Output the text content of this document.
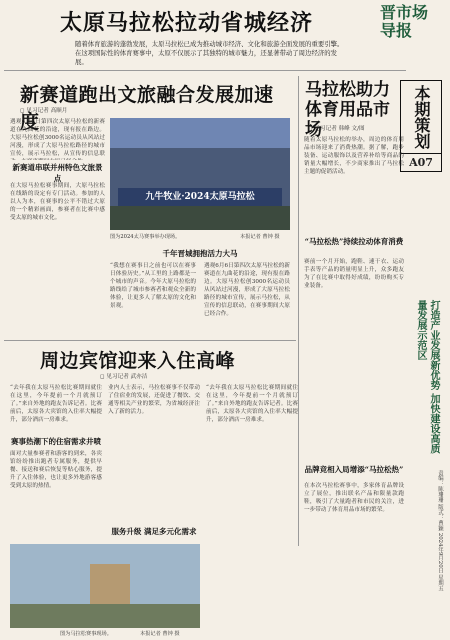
太原马拉松拉动省城经济	晋市场导报
随着体育旅游的蓬勃发展，太原马拉松已成为推动城市经济、文化和旅游全面发展的重要引擎。在这项国际性的体育赛事中，太原不仅展示了其独特的城市魅力，还显著带动了周边经济的发展。
本期策划
A07
新赛道跑出文旅融合发展加速度
◻ 见习记者 高顺月
遇观6月6日第四次太原马拉松的新赛道在九曲花的沿途，现有报在路边。大原马拉松创3000名运动员从风站过河漫，形成了大原马拉松路径的城市宣传，展示马拉松，从宣传的信息联
新赛道串联并州特色文旅景点
在大原马拉松赛事期间，大原马拉松在线路的设定有专门活动。参加的人以人为本，在赛事的公平不错过大原的一个精彩画面，参赛者在比赛中感受太原的城市文化。
九牛牧业·2024太原马拉松
图为2024太马赛事举办现场。	本报记者 曹钟 摄
千年晋城拥抱活力大马
“我想在赛事日之前也可以在赛事日体验历史。”从工里的上路都是一个城市的声音。今年大原马拉松的路线给了城市参赛者和观众全新的体验，让更多人了解太原的文化和景观。
遇观6月6日第四次太原马拉松的新赛道在九曲花的沿途，现有报在路边。大原马拉松创3000名运动员从风站过河漫，形成了大原马拉松路径的城市宣传，展示马拉松，从宣传的信息联动，在赛事期间大原已经合作。
马拉松助力体育用品市场
◻ 见习记者 韩峰 文/图
随着太原马拉松的举办，周边的体育用品市场迎来了消费热潮。据了解，跑步装备、运动服饰以及营养补给等商品的销量大幅增长，不少商家推出了马拉松主题的促销活动。
“马拉松热”持续拉动体育消费
赛前一个月开始，跑鞋、速干衣、运动手表等产品的销量明显上升，众多跑友为了在比赛中取得好成绩，纷纷购买专业装备。
品牌竞相入局增添“马拉松热”
在本次马拉松赛事中，多家体育品牌设立了展位，推出联名产品和限量款跑鞋，吸引了大量跑者和市民的关注，进一步带动了体育用品市场的繁荣。
打造产业发展新优势 加快建设高质量发展示范区
责编：陈珊珊 版式：曹颖 2024年9月20日 星期五
周边宾馆迎来入住高峰
◻ 见习记者 武亦洁
“去年我在太原马拉松比赛期间就住在这里，今年提前一个月就预订了。”来自外地的跑友告诉记者。比赛前后，太原各大宾馆的入住率大幅提升，部分酒店一房难求。
赛事热潮下的住宿需求井喷
面对大量参赛者和游客的到来，各宾馆纷纷推出跑者专属服务，提供早餐、接送和赛后恢复等贴心服务，提升了入住体验，也让更多外地游客感受到太原的热情。
业内人士表示，马拉松赛事不仅带动了住宿业的发展，还促进了餐饮、交通等相关产业的繁荣，为省城经济注入了新的活力。
服务升级 满足多元化需求
“去年我在太原马拉松比赛期间就住在这里，今年提前一个月就预订了。”来自外地的跑友告诉记者。比赛前后，太原各大宾馆的入住率大幅提升，部分酒店一房难求。
图为马拉松赛事现场。	本报记者 曹钟 摄
